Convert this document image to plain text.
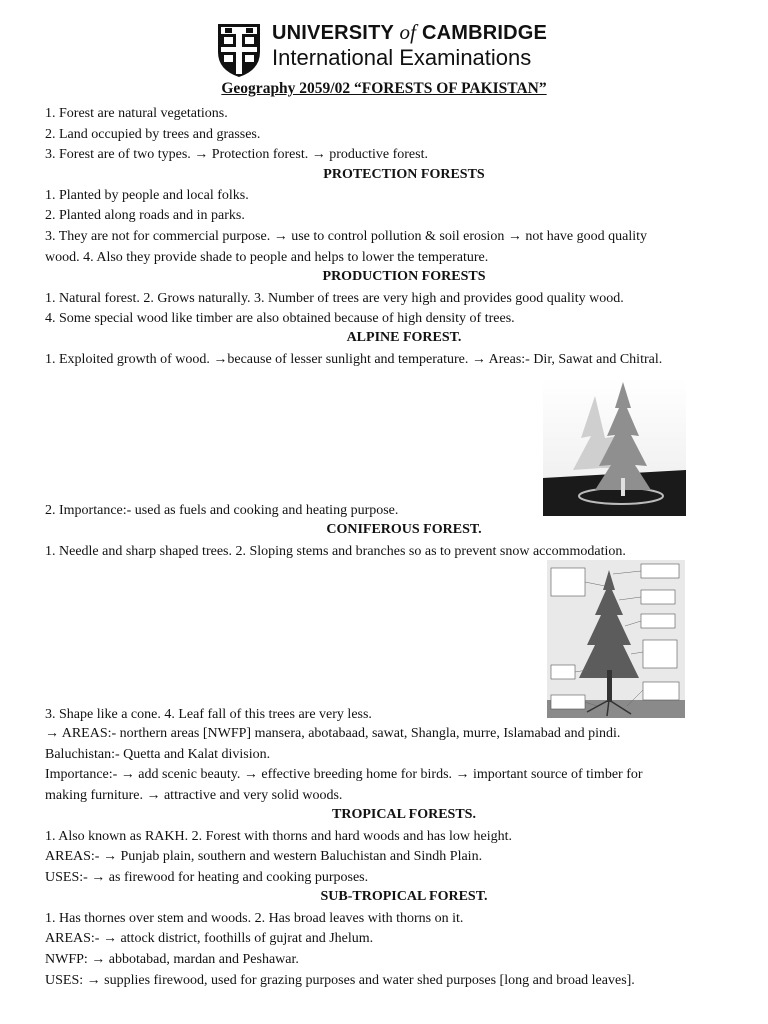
UNIVERSITY of CAMBRIDGE
International Examinations
Geography 2059/02 “FORESTS OF PAKISTAN”
1. Forest are natural vegetations.
2. Land occupied by trees and grasses.
3. Forest are of two types. → Protection forest. → productive forest.
PROTECTION FORESTS
1. Planted by people and local folks.
2. Planted along roads and in parks.
3. They are not for commercial purpose. → use to control pollution & soil erosion → not have good quality
wood. 4. Also they provide shade to people and helps to lower the temperature.
PRODUCTION FORESTS
1. Natural forest. 2. Grows naturally. 3. Number of trees are very high and provides good quality wood.
4. Some special wood like timber are also obtained because of high density of trees.
ALPINE FOREST.
1. Exploited growth of wood. →because of lesser sunlight and temperature. → Areas:- Dir, Sawat and Chitral.
2. Importance:- used as fuels and cooking and heating purpose.
CONIFEROUS FOREST.
1. Needle and sharp shaped trees. 2. Sloping stems and branches so as to prevent snow accommodation.
3. Shape like a cone. 4. Leaf fall of this trees are very less.
→ AREAS:- northern areas [NWFP] mansera, abotabaad, sawat, Shangla, murre, Islamabad and pindi.
Baluchistan:- Quetta and Kalat division.
Importance:- → add scenic beauty. → effective breeding home for birds. → important source of timber for
making furniture. → attractive and very solid woods.
TROPICAL FORESTS.
1. Also known as RAKH. 2. Forest with thorns and hard woods and has low height.
AREAS:- → Punjab plain, southern and western Baluchistan and Sindh Plain.
USES:- → as firewood for heating and cooking purposes.
SUB-TROPICAL FOREST.
1. Has thornes over stem and woods. 2. Has broad leaves with thorns on it.
AREAS:- → attock district, foothills of gujrat and Jhelum.
NWFP: → abbotabad, mardan and Peshawar.
USES: → supplies firewood, used for grazing purposes and water shed purposes [long and broad leaves].
